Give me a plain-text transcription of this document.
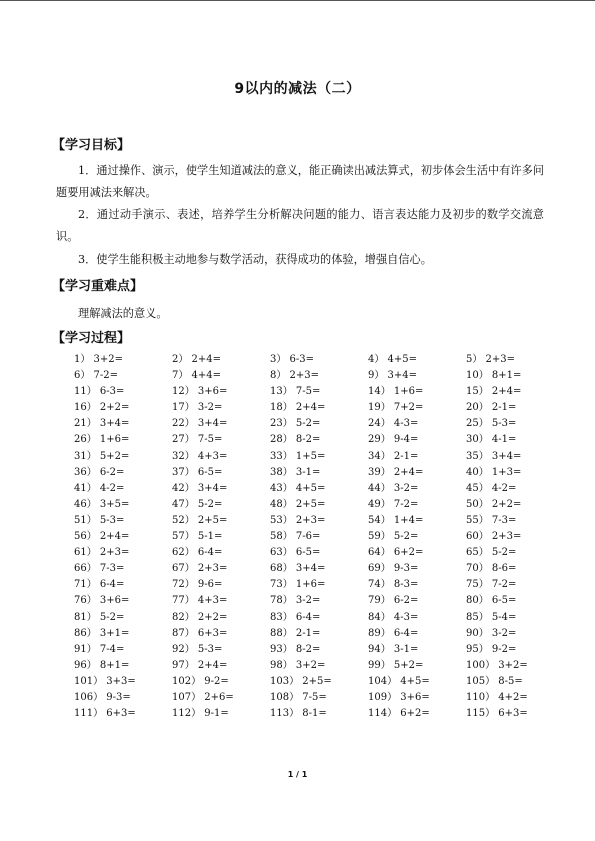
9以内的减法（二）
【学习目标】
1．通过操作、演示，使学生知道减法的意义，能正确读出减法算式，初步体会生活中有许多问题要用减法来解决。
2．通过动手演示、表述，培养学生分析解决问题的能力、语言表达能力及初步的数学交流意识。
3．使学生能积极主动地参与数学活动，获得成功的体验，增强自信心。
【学习重难点】
理解减法的意义。
【学习过程】
1） 3+2=	2） 2+4=	3） 6-3=	4） 4+5=	5） 2+3=
6） 7-2=	7） 4+4=	8） 2+3=	9） 3+4=	10） 8+1=
11） 6-3=	12） 3+6=	13） 7-5=	14） 1+6=	15） 2+4=
16） 2+2=	17） 3-2=	18） 2+4=	19） 7+2=	20） 2-1=
21） 3+4=	22） 3+4=	23） 5-2=	24） 4-3=	25） 5-3=
26） 1+6=	27） 7-5=	28） 8-2=	29） 9-4=	30） 4-1=
31） 5+2=	32） 4+3=	33） 1+5=	34） 2-1=	35） 3+4=
36） 6-2=	37） 6-5=	38） 3-1=	39） 2+4=	40） 1+3=
41） 4-2=	42） 3+4=	43） 4+5=	44） 3-2=	45） 4-2=
46） 3+5=	47） 5-2=	48） 2+5=	49） 7-2=	50） 2+2=
51） 5-3=	52） 2+5=	53） 2+3=	54） 1+4=	55） 7-3=
56） 2+4=	57） 5-1=	58） 7-6=	59） 5-2=	60） 2+3=
61） 2+3=	62） 6-4=	63） 6-5=	64） 6+2=	65） 5-2=
66） 7-3=	67） 2+3=	68） 3+4=	69） 9-3=	70） 8-6=
71） 6-4=	72） 9-6=	73） 1+6=	74） 8-3=	75） 7-2=
76） 3+6=	77） 4+3=	78） 3-2=	79） 6-2=	80） 6-5=
81） 5-2=	82） 2+2=	83） 6-4=	84） 4-3=	85） 5-4=
86） 3+1=	87） 6+3=	88） 2-1=	89） 6-4=	90） 3-2=
91） 7-4=	92） 5-3=	93） 8-2=	94） 3-1=	95） 9-2=
96） 8+1=	97） 2+4=	98） 3+2=	99） 5+2=	100） 3+2=
101） 3+3=	102） 9-2=	103） 2+5=	104） 4+5=	105） 8-5=
106） 9-3=	107） 2+6=	108） 7-5=	109） 3+6=	110） 4+2=
111） 6+3=	112） 9-1=	113） 8-1=	114） 6+2=	115） 6+3=
1 / 1
